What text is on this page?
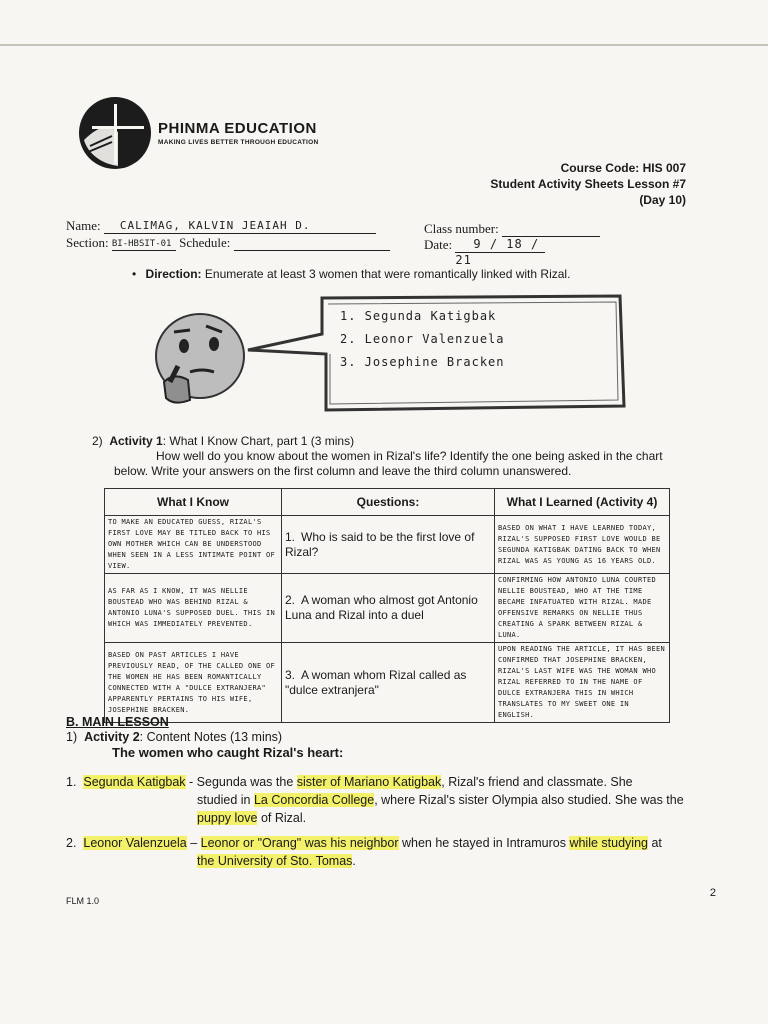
PHINMA EDUCATION
MAKING LIVES BETTER THROUGH EDUCATION
Course Code: HIS 007
Student Activity Sheets Lesson #7
(Day 10)
Name: CALIMAG, KALVIN JEAIAH D.
Section: BI-HBSIT-01 Schedule:
Class number:
Date: 9 / 18 / 21
• Direction: Enumerate at least 3 women that were romantically linked with Rizal.
1. Segunda Katigbak
2. Leonor Valenzuela
3. Josephine Bracken
2) Activity 1: What I Know Chart, part 1 (3 mins)
How well do you know about the women in Rizal's life? Identify the one being asked in the chart
below. Write your answers on the first column and leave the third column unanswered.
What I Know	Questions:	What I Learned (Activity 4)
TO MAKE AN EDUCATED GUESS, RIZAL'S FIRST LOVE MAY BE TITLED BACK TO HIS OWN MOTHER WHICH CAN BE UNDERSTOOD WHEN SEEN IN A LESS INTIMATE POINT OF VIEW.	1. Who is said to be the first love of Rizal?	BASED ON WHAT I HAVE LEARNED TODAY, RIZAL'S SUPPOSED FIRST LOVE WOULD BE SEGUNDA KATIGBAK DATING BACK TO WHEN RIZAL WAS AS YOUNG AS 16 YEARS OLD.
AS FAR AS I KNOW, IT WAS NELLIE BOUSTEAD WHO WAS BEHIND RIZAL & ANTONIO LUNA'S SUPPOSED DUEL. THIS IN WHICH WAS IMMEDIATELY PREVENTED.	2. A woman who almost got Antonio Luna and Rizal into a duel	CONFIRMING HOW ANTONIO LUNA COURTED NELLIE BOUSTEAD, WHO AT THE TIME BECAME INFATUATED WITH RIZAL. MADE OFFENSIVE REMARKS ON NELLIE THUS CREATING A SPARK BETWEEN RIZAL & LUNA.
BASED ON PAST ARTICLES I HAVE PREVIOUSLY READ, OF THE CALLED ONE OF THE WOMEN HE HAS BEEN ROMANTICALLY CONNECTED WITH A "DULCE EXTRANJERA" APPARENTLY PERTAINS TO HIS WIFE, JOSEPHINE BRACKEN.	3. A woman whom Rizal called as "dulce extranjera"	UPON READING THE ARTICLE, IT HAS BEEN CONFIRMED THAT JOSEPHINE BRACKEN, RIZAL'S LAST WIFE WAS THE WOMAN WHO RIZAL REFERRED TO IN THE NAME OF DULCE EXTRANJERA THIS IN WHICH TRANSLATES TO MY SWEET ONE IN ENGLISH.
B. MAIN LESSON
1) Activity 2: Content Notes (13 mins)
The women who caught Rizal's heart:
1. Segunda Katigbak - Segunda was the sister of Mariano Katigbak, Rizal's friend and classmate. She
studied in La Concordia College, where Rizal's sister Olympia also studied. She was the
puppy love of Rizal.
2. Leonor Valenzuela – Leonor or "Orang" was his neighbor when he stayed in Intramuros while studying at
the University of Sto. Tomas.
FLM 1.0
2
